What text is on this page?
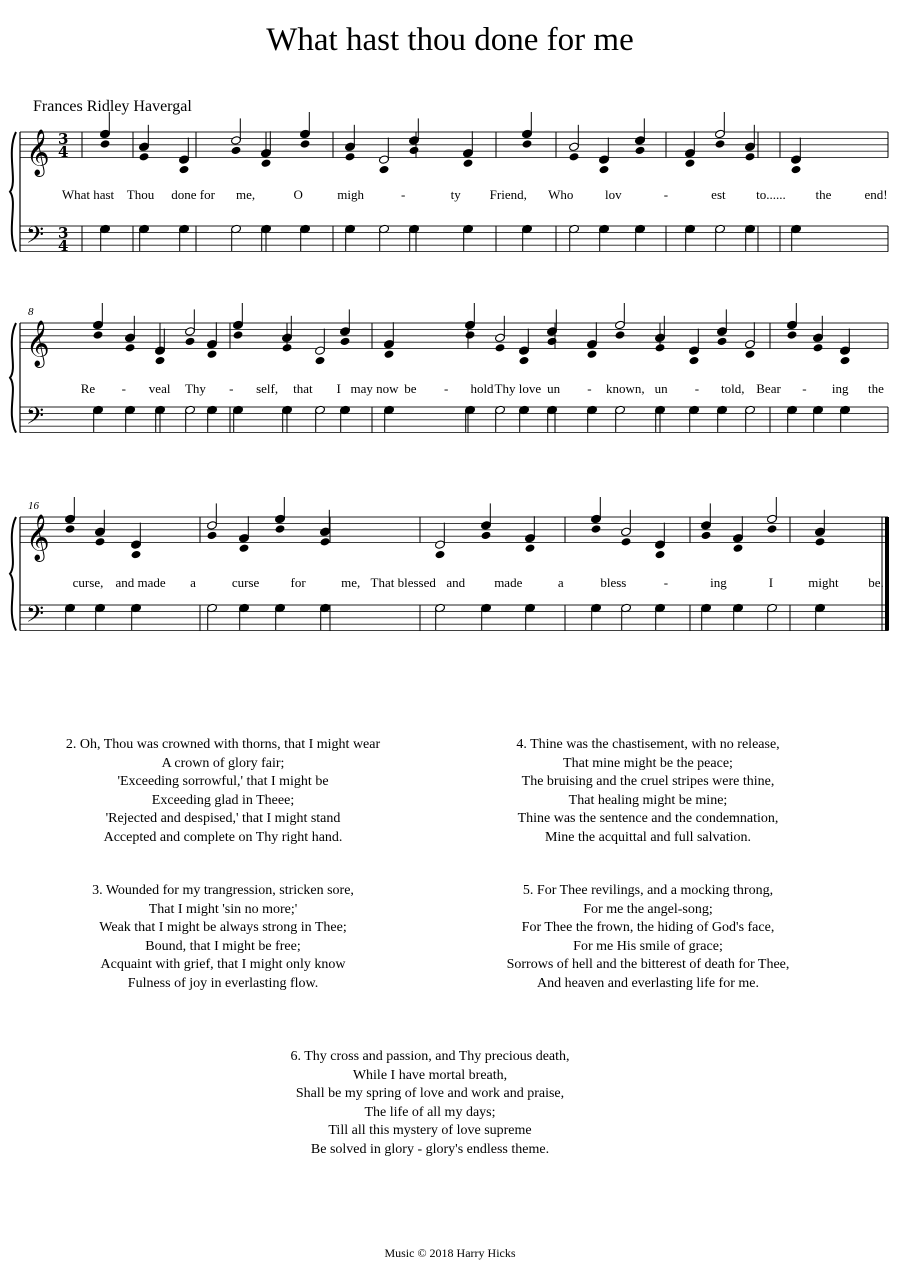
What hast thou done for me
Frances Ridley Havergal
𝄞
𝄢
3
3
4
4
What hast Thou done for me,	O	migh	-	ty Friend, Who lov	-	est to...... the	end!
𝄞
𝄢
8
Re - veal Thy - self, that I may now be - hold Thy love un - known, un - told, Bear - ing the
𝄞
𝄢
16
curse, and made a	curse for	me, That blessed and made	a	bless	-	ing	I	might be.
2. Oh, Thou was crowned with thorns, that I might wear
A crown of glory fair;
'Exceeding sorrowful,' that I might be
Exceeding glad in Theee;
'Rejected and despised,' that I might stand
Accepted and complete on Thy right hand.
3. Wounded for my trangression, stricken sore,
That I might 'sin no more;'
Weak that I might be always strong in Thee;
Bound, that I might be free;
Acquaint with grief, that I might only know
Fulness of joy in everlasting flow.
4. Thine was the chastisement, with no release,
That mine might be the peace;
The bruising and the cruel stripes were thine,
That healing might be mine;
Thine was the sentence and the condemnation,
Mine the acquittal and full salvation.
5. For Thee revilings, and a mocking throng,
For me the angel-song;
For Thee the frown, the hiding of God's face,
For me His smile of grace;
Sorrows of hell and the bitterest of death for Thee,
And heaven and everlasting life for me.
6. Thy cross and passion, and Thy precious death,
While I have mortal breath,
Shall be my spring of love and work and praise,
The life of all my days;
Till all this mystery of love supreme
Be solved in glory - glory's endless theme.
Music © 2018 Harry Hicks
